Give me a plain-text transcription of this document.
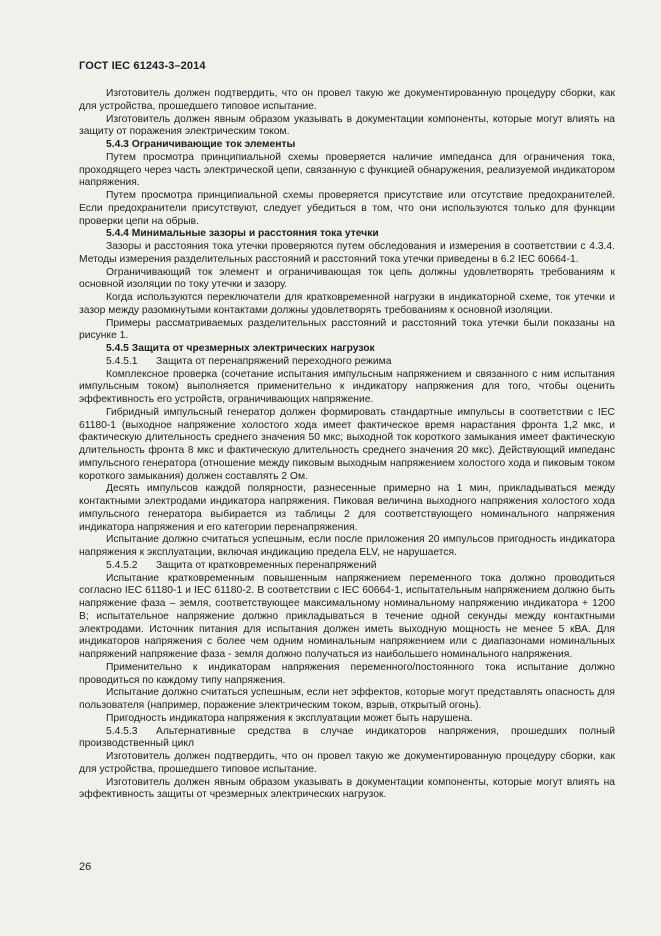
ГОСТ IEC 61243-3–2014

Изготовитель должен подтвердить, что он провел такую же документированную процедуру сборки, как для устройства, прошедшего типовое испытание.

Изготовитель должен явным образом указывать в документации компоненты, которые могут влиять на защиту от поражения электрическим током.

5.4.3 Ограничивающие ток элементы

Путем просмотра принципиальной схемы проверяется наличие импеданса для ограничения тока, проходящего через часть электрической цепи, связанную с функцией обнаружения, реализуемой индикатором напряжения.

Путем просмотра принципиальной схемы проверяется присутствие или отсутствие предохранителей. Если предохранители присутствуют, следует убедиться в том, что они используются только для функции проверки цепи на обрыв.

5.4.4 Минимальные зазоры и расстояния тока утечки

Зазоры и расстояния тока утечки проверяются путем обследования и измерения в соответствии с 4.3.4. Методы измерения разделительных расстояний и расстояний тока утечки приведены в 6.2 IEC 60664-1.

Ограничивающий ток элемент и ограничивающая ток цепь должны удовлетворять требованиям к основной изоляции по току утечки и зазору.

Когда используются переключатели для кратковременной нагрузки в индикаторной схеме, ток утечки и зазор между разомкнутыми контактами должны удовлетворять требованиям к основной изоляции.

Примеры рассматриваемых разделительных расстояний и расстояний тока утечки были показаны на рисунке 1.

5.4.5 Защита от чрезмерных электрических нагрузок

5.4.5.1 Защита от перенапряжений переходного режима

Комплексное проверка (сочетание испытания импульсным напряжением и связанного с ним испытания импульсным током) выполняется применительно к индикатору напряжения для того, чтобы оценить эффективность его устройств, ограничивающих напряжение.

Гибридный импульсный генератор должен формировать стандартные импульсы в соответствии с IEC 61180-1 (выходное напряжение холостого хода имеет фактическое время нарастания фронта 1,2 мкс, и фактическую длительность среднего значения 50 мкс; выходной ток короткого замыкания имеет фактическую длительность фронта 8 мкс и фактическую длительность среднего значения 20 мкс). Действующий импеданс импульсного генератора (отношение между пиковым выходным напряжением холостого хода и пиковым током короткого замыкания) должен составлять 2 Ом.

Десять импульсов каждой полярности, разнесенные примерно на 1 мин, прикладываться между контактными электродами индикатора напряжения. Пиковая величина выходного напряжения холостого хода импульсного генератора выбирается из таблицы 2 для соответствующего номинального напряжения индикатора напряжения и его категории перенапряжения.

Испытание должно считаться успешным, если после приложения 20 импульсов пригодность индикатора напряжения к эксплуатации, включая индикацию предела ELV, не нарушается.

5.4.5.2 Защита от кратковременных перенапряжений

Испытание кратковременным повышенным напряжением переменного тока должно проводиться согласно IEC 61180-1 и IEC 61180-2. В соответствии с IEC 60664-1, испытательным напряжением должно быть напряжение фаза – земля, соответствующее максимальному номинальному напряжению индикатора + 1200 В; испытательное напряжение должно прикладываться в течение одной секунды между контактными электродами. Источник питания для испытания должен иметь выходную мощность не менее 5 кВА. Для индикаторов напряжения с более чем одним номинальным напряжением или с диапазонами номинальных напряжений напряжение фаза - земля должно получаться из наибольшего номинального напряжения.

Применительно к индикаторам напряжения переменного/постоянного тока испытание должно проводиться по каждому типу напряжения.

Испытание должно считаться успешным, если нет эффектов, которые могут представлять опасность для пользователя (например, поражение электрическим током, взрыв, открытый огонь).

Пригодность индикатора напряжения к эксплуатации может быть нарушена.

5.4.5.3 Альтернативные средства в случае индикаторов напряжения, прошедших полный производственный цикл

Изготовитель должен подтвердить, что он провел такую же документированную процедуру сборки, как для устройства, прошедшего типовое испытание.

Изготовитель должен явным образом указывать в документации компоненты, которые могут влиять на эффективность защиты от чрезмерных электрических нагрузок.

26
